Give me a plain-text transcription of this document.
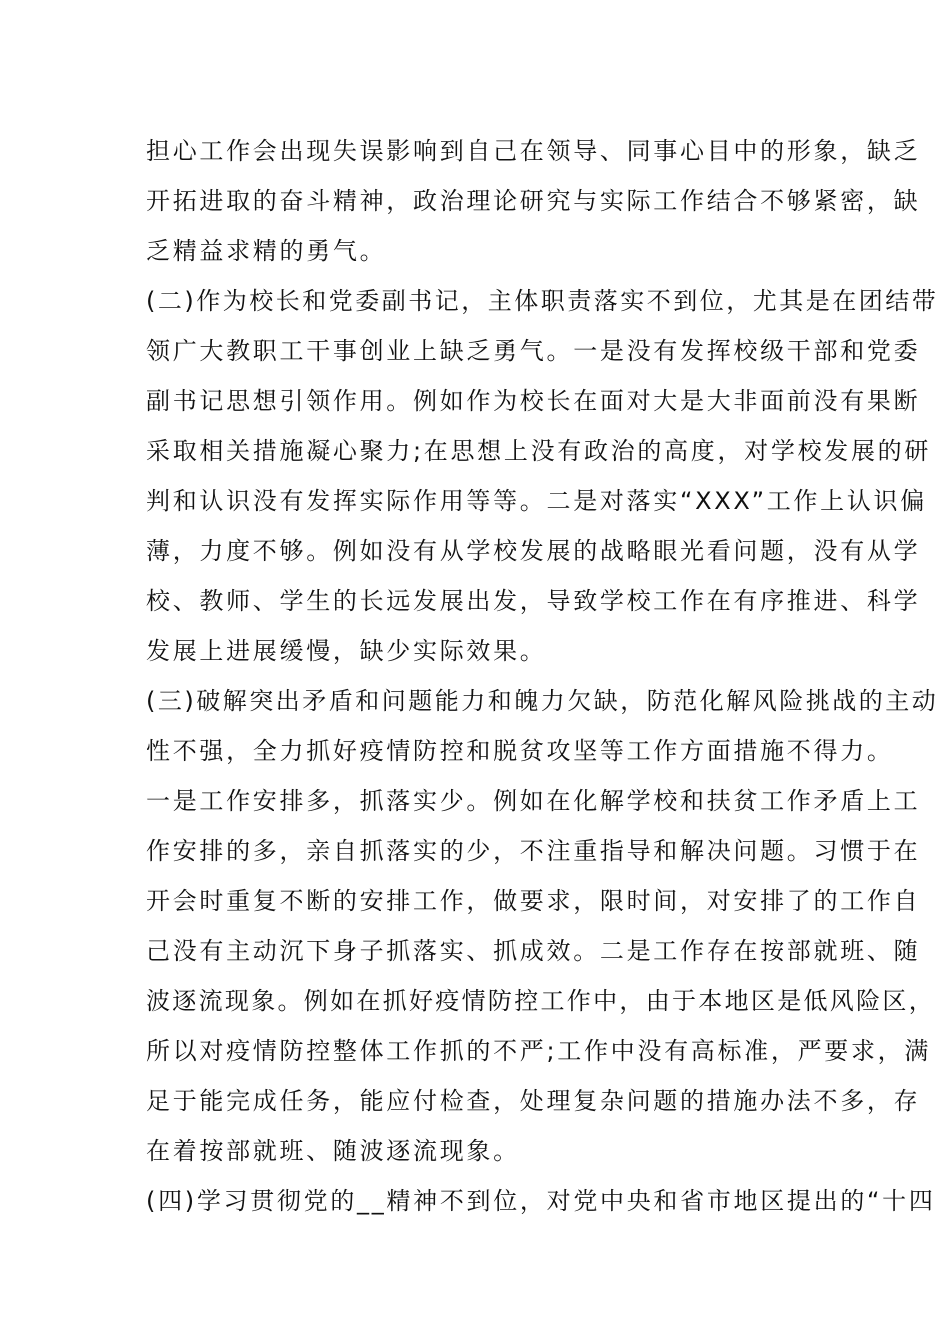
担心工作会出现失误影响到自己在领导、同事心目中的形象，缺乏
开拓进取的奋斗精神，政治理论研究与实际工作结合不够紧密，缺
乏精益求精的勇气。
(二)作为校长和党委副书记，主体职责落实不到位，尤其是在团结带
领广大教职工干事创业上缺乏勇气。一是没有发挥校级干部和党委
副书记思想引领作用。例如作为校长在面对大是大非面前没有果断
采取相关措施凝心聚力;在思想上没有政治的高度，对学校发展的研
判和认识没有发挥实际作用等等。二是对落实“XXX”工作上认识偏
薄，力度不够。例如没有从学校发展的战略眼光看问题，没有从学
校、教师、学生的长远发展出发，导致学校工作在有序推进、科学
发展上进展缓慢，缺少实际效果。
(三)破解突出矛盾和问题能力和魄力欠缺，防范化解风险挑战的主动
性不强，全力抓好疫情防控和脱贫攻坚等工作方面措施不得力。
一是工作安排多，抓落实少。例如在化解学校和扶贫工作矛盾上工
作安排的多，亲自抓落实的少，不注重指导和解决问题。习惯于在
开会时重复不断的安排工作，做要求，限时间，对安排了的工作自
己没有主动沉下身子抓落实、抓成效。二是工作存在按部就班、随
波逐流现象。例如在抓好疫情防控工作中，由于本地区是低风险区，
所以对疫情防控整体工作抓的不严;工作中没有高标准，严要求，满
足于能完成任务，能应付检查，处理复杂问题的措施办法不多，存
在着按部就班、随波逐流现象。
(四)学习贯彻党的__精神不到位，对党中央和省市地区提出的“十四
